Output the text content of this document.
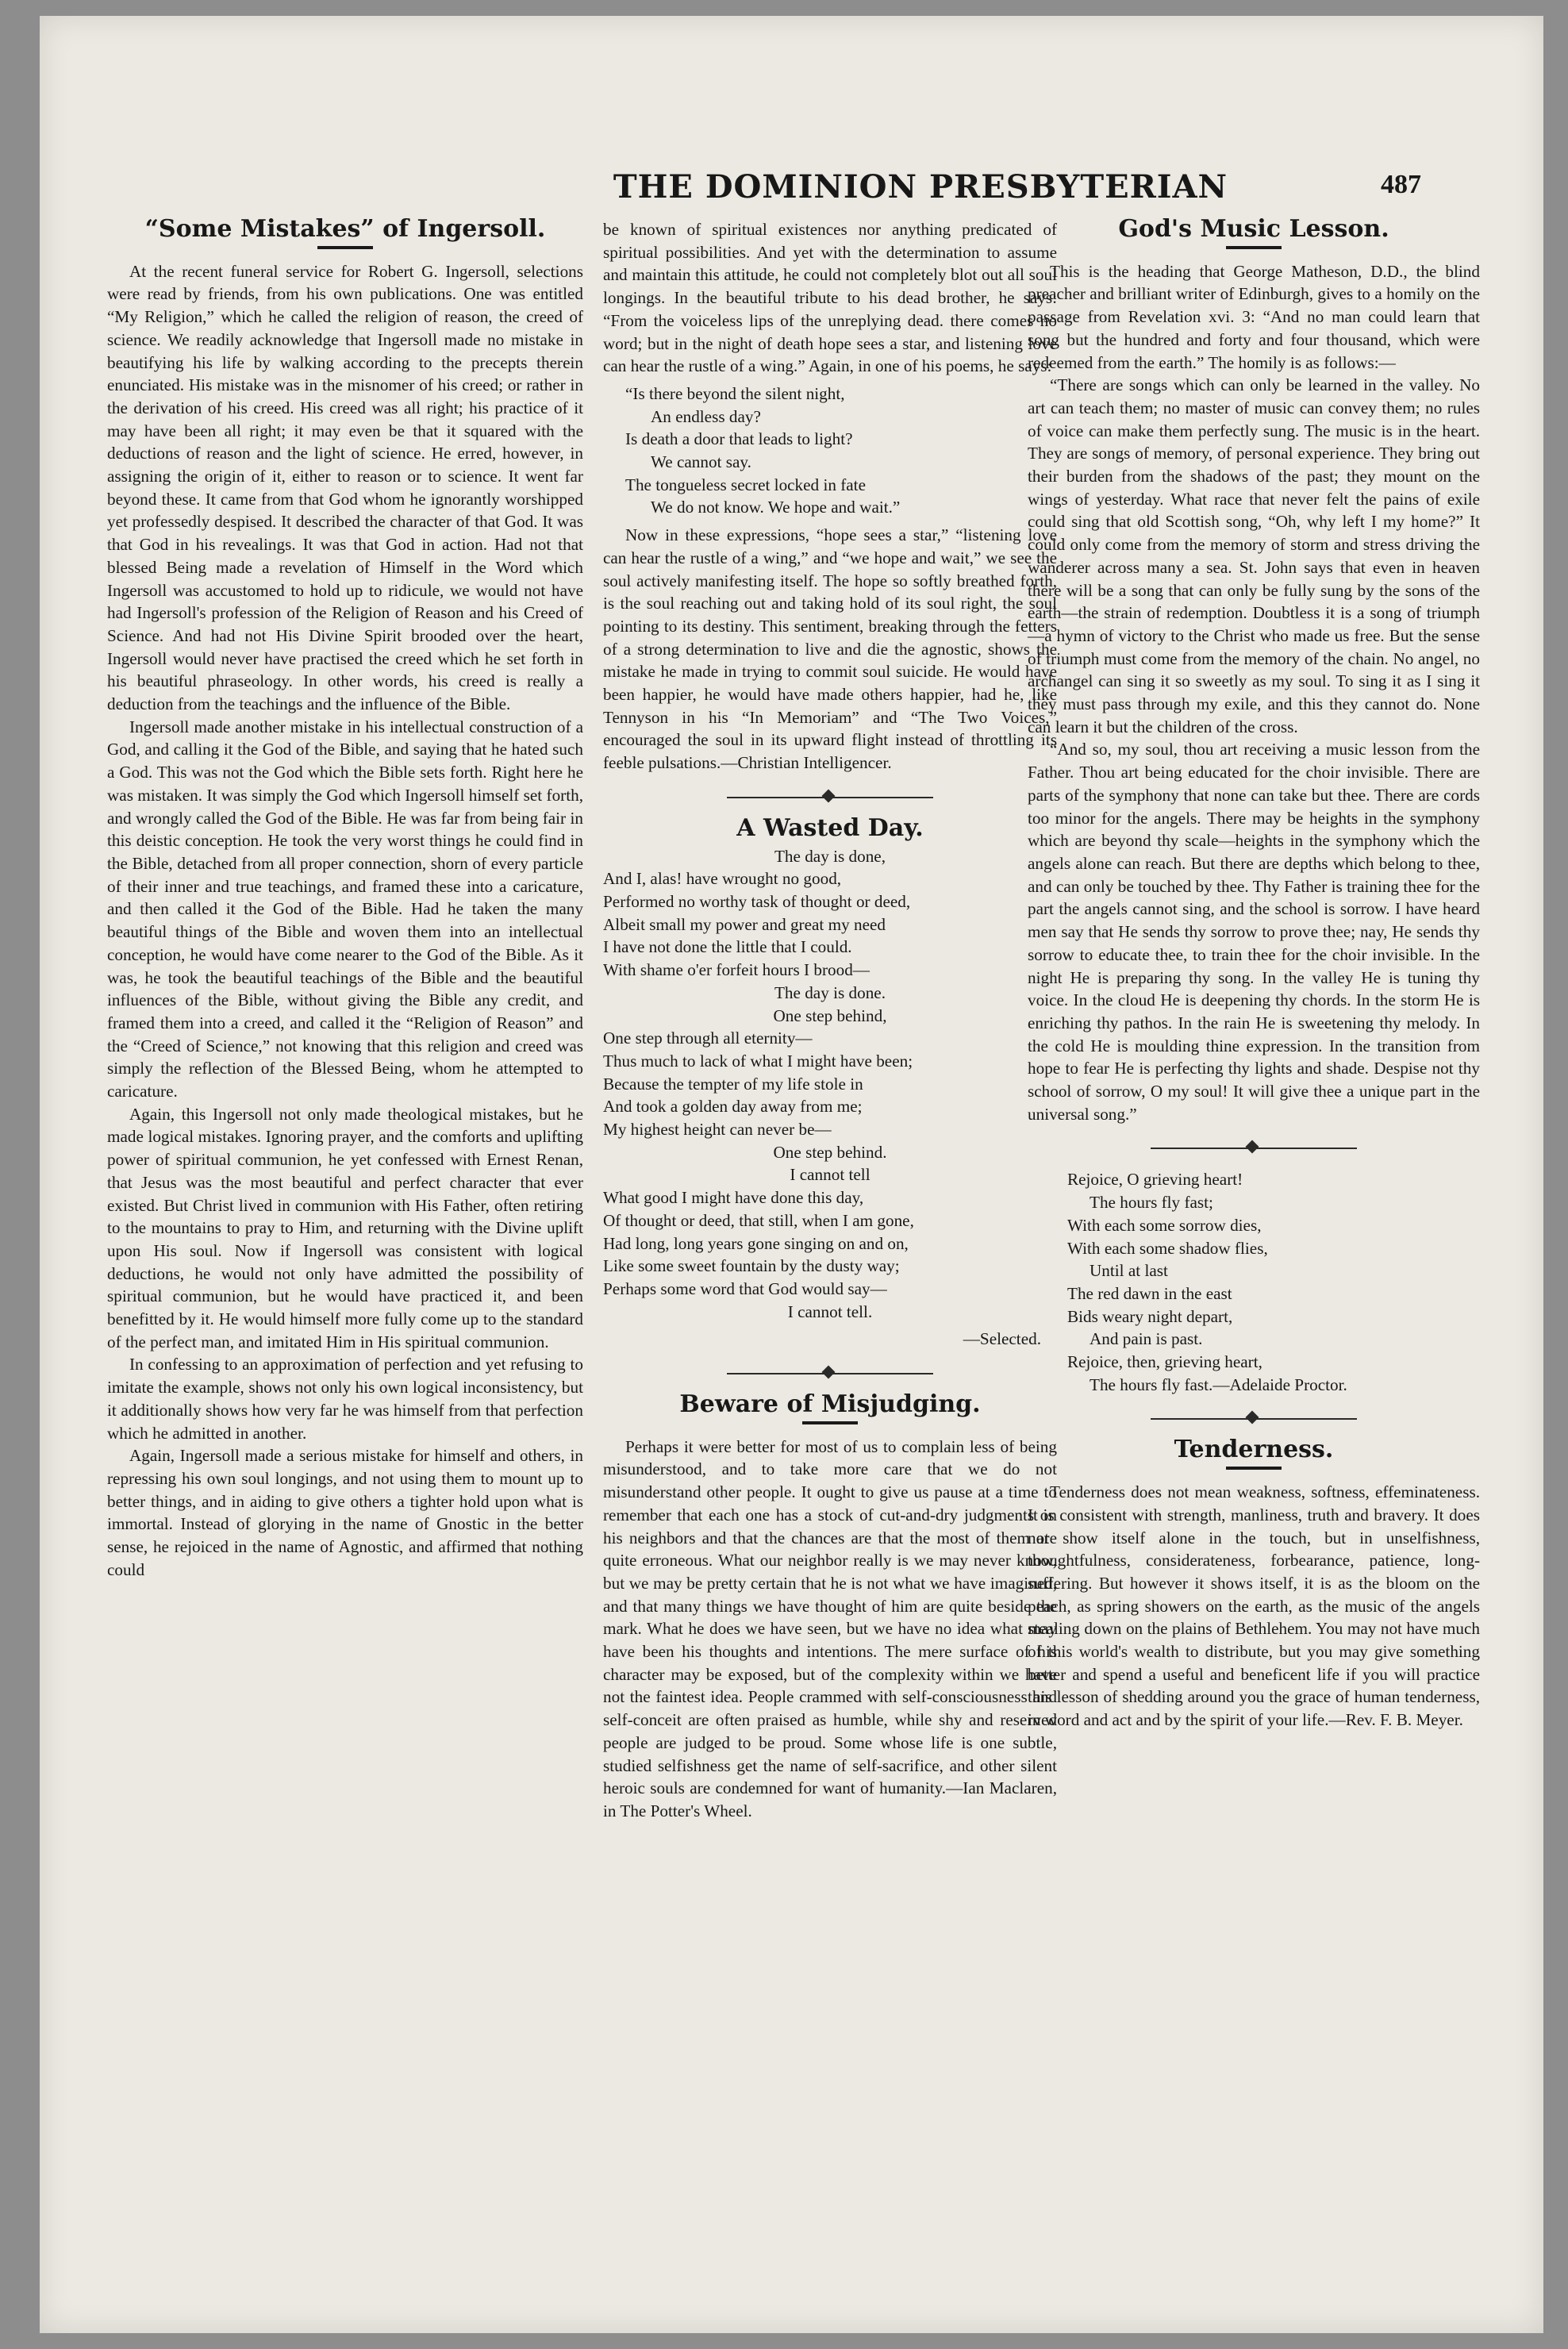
THE DOMINION PRESBYTERIAN	487
“Some Mistakes” of Ingersoll.

At the recent funeral service for Robert G. Ingersoll, selections were read by friends, from his own publications. One was entitled “My Religion,” which he called the religion of reason, the creed of science. We readily acknowledge that Ingersoll made no mistake in beautifying his life by walking according to the precepts therein enunciated. His mistake was in the misnomer of his creed; or rather in the derivation of his creed. His creed was all right; his practice of it may have been all right; it may even be that it squared with the deductions of reason and the light of science. He erred, however, in assigning the origin of it, either to reason or to science. It went far beyond these. It came from that God whom he ignorantly worshipped yet professedly despised. It described the character of that God. It was that God in his revealings. It was that God in action. Had not that blessed Being made a revelation of Himself in the Word which Ingersoll was accustomed to hold up to ridicule, we would not have had Ingersoll's profession of the Religion of Reason and his Creed of Science. And had not His Divine Spirit brooded over the heart, Ingersoll would never have practised the creed which he set forth in his beautiful phraseology. In other words, his creed is really a deduction from the teachings and the influence of the Bible.

Ingersoll made another mistake in his intellectual construction of a God, and calling it the God of the Bible, and saying that he hated such a God. This was not the God which the Bible sets forth. Right here he was mistaken. It was simply the God which Ingersoll himself set forth, and wrongly called the God of the Bible. He was far from being fair in this deistic conception. He took the very worst things he could find in the Bible, detached from all proper connection, shorn of every particle of their inner and true teachings, and framed these into a caricature, and then called it the God of the Bible. Had he taken the many beautiful things of the Bible and woven them into an intellectual conception, he would have come nearer to the God of the Bible. As it was, he took the beautiful teachings of the Bible and the beautiful influences of the Bible, without giving the Bible any credit, and framed them into a creed, and called it the “Religion of Reason” and the “Creed of Science,” not knowing that this religion and creed was simply the reflection of the Blessed Being, whom he attempted to caricature.

Again, this Ingersoll not only made theological mistakes, but he made logical mistakes. Ignoring prayer, and the comforts and uplifting power of spiritual communion, he yet confessed with Ernest Renan, that Jesus was the most beautiful and perfect character that ever existed. But Christ lived in communion with His Father, often retiring to the mountains to pray to Him, and returning with the Divine uplift upon His soul. Now if Ingersoll was consistent with logical deductions, he would not only have admitted the possibility of spiritual communion, but he would have practiced it, and been benefitted by it. He would himself more fully come up to the standard of the perfect man, and imitated Him in His spiritual communion.

In confessing to an approximation of perfection and yet refusing to imitate the example, shows not only his own logical inconsistency, but it additionally shows how very far he was himself from that perfection which he admitted in another.

Again, Ingersoll made a serious mistake for himself and others, in repressing his own soul longings, and not using them to mount up to better things, and in aiding to give others a tighter hold upon what is immortal. Instead of glorying in the name of Gnostic in the better sense, he rejoiced in the name of Agnostic, and affirmed that nothing could

be known of spiritual existences nor anything predicated of spiritual possibilities. And yet with the determination to assume and maintain this attitude, he could not completely blot out all soul longings. In the beautiful tribute to his dead brother, he says: “From the voiceless lips of the unreplying dead. there comes no word; but in the night of death hope sees a star, and listening love can hear the rustle of a wing.” Again, in one of his poems, he says:

“Is there beyond the silent night,
An endless day?
Is death a door that leads to light?
We cannot say.
The tongueless secret locked in fate
We do not know. We hope and wait.”

Now in these expressions, “hope sees a star,” “listening love can hear the rustle of a wing,” and “we hope and wait,” we see the soul actively manifesting itself. The hope so softly breathed forth, is the soul reaching out and taking hold of its soul right, the soul pointing to its destiny. This sentiment, breaking through the fetters of a strong determination to live and die the agnostic, shows the mistake he made in trying to commit soul suicide. He would have been happier, he would have made others happier, had he, like Tennyson in his “In Memoriam” and “The Two Voices,” encouraged the soul in its upward flight instead of throttling its feeble pulsations.—Christian Intelligencer.

A Wasted Day.
The day is done,
And I, alas! have wrought no good,
Performed no worthy task of thought or deed,
Albeit small my power and great my need
I have not done the little that I could.
With shame o'er forfeit hours I brood—
The day is done.
One step behind,
One step through all eternity—
Thus much to lack of what I might have been;
Because the tempter of my life stole in
And took a golden day away from me;
My highest height can never be—
One step behind.
I cannot tell
What good I might have done this day,
Of thought or deed, that still, when I am gone,
Had long, long years gone singing on and on,
Like some sweet fountain by the dusty way;
Perhaps some word that God would say—
I cannot tell.
—Selected.
Beware of Misjudging.

Perhaps it were better for most of us to complain less of being misunderstood, and to take more care that we do not misunderstand other people. It ought to give us pause at a time to remember that each one has a stock of cut-and-dry judgments on his neighbors and that the chances are that the most of them are quite erroneous. What our neighbor really is we may never know, but we may be pretty certain that he is not what we have imagined, and that many things we have thought of him are quite beside the mark. What he does we have seen, but we have no idea what may have been his thoughts and intentions. The mere surface of his character may be exposed, but of the complexity within we have not the faintest idea. People crammed with self-consciousness and self-conceit are often praised as humble, while shy and reserved people are judged to be proud. Some whose life is one subtle, studied selfishness get the name of self-sacrifice, and other silent heroic souls are condemned for want of humanity.—Ian Maclaren, in The Potter's Wheel.

God's Music Lesson.

This is the heading that George Matheson, D.D., the blind preacher and brilliant writer of Edinburgh, gives to a homily on the passage from Revelation xvi. 3: “And no man could learn that song but the hundred and forty and four thousand, which were redeemed from the earth.” The homily is as follows:—

“There are songs which can only be learned in the valley. No art can teach them; no master of music can convey them; no rules of voice can make them perfectly sung. The music is in the heart. They are songs of memory, of personal experience. They bring out their burden from the shadows of the past; they mount on the wings of yesterday. What race that never felt the pains of exile could sing that old Scottish song, “Oh, why left I my home?” It could only come from the memory of storm and stress driving the wanderer across many a sea. St. John says that even in heaven there will be a song that can only be fully sung by the sons of the earth—the strain of redemption. Doubtless it is a song of triumph—a hymn of victory to the Christ who made us free. But the sense of triumph must come from the memory of the chain. No angel, no archangel can sing it so sweetly as my soul. To sing it as I sing it they must pass through my exile, and this they cannot do. None can learn it but the children of the cross.

“And so, my soul, thou art receiving a music lesson from the Father. Thou art being educated for the choir invisible. There are parts of the symphony that none can take but thee. There are cords too minor for the angels. There may be heights in the symphony which are beyond thy scale—heights in the symphony which the angels alone can reach. But there are depths which belong to thee, and can only be touched by thee. Thy Father is training thee for the part the angels cannot sing, and the school is sorrow. I have heard men say that He sends thy sorrow to prove thee; nay, He sends thy sorrow to educate thee, to train thee for the choir invisible. In the night He is preparing thy song. In the valley He is tuning thy voice. In the cloud He is deepening thy chords. In the storm He is enriching thy pathos. In the rain He is sweetening thy melody. In the cold He is moulding thine expression. In the transition from hope to fear He is perfecting thy lights and shade. Despise not thy school of sorrow, O my soul! It will give thee a unique part in the universal song.”

Rejoice, O grieving heart!
The hours fly fast;
With each some sorrow dies,
With each some shadow flies,
Until at last
The red dawn in the east
Bids weary night depart,
And pain is past.
Rejoice, then, grieving heart,
The hours fly fast.—Adelaide Proctor.
Tenderness.

Tenderness does not mean weakness, softness, effeminateness. It is consistent with strength, manliness, truth and bravery. It does not show itself alone in the touch, but in unselfishness, thoughtfulness, considerateness, forbearance, patience, long-suffering. But however it shows itself, it is as the bloom on the peach, as spring showers on the earth, as the music of the angels stealing down on the plains of Bethlehem. You may not have much of this world's wealth to distribute, but you may give something better and spend a useful and beneficent life if you will practice this lesson of shedding around you the grace of human tenderness, in word and act and by the spirit of your life.—Rev. F. B. Meyer.
